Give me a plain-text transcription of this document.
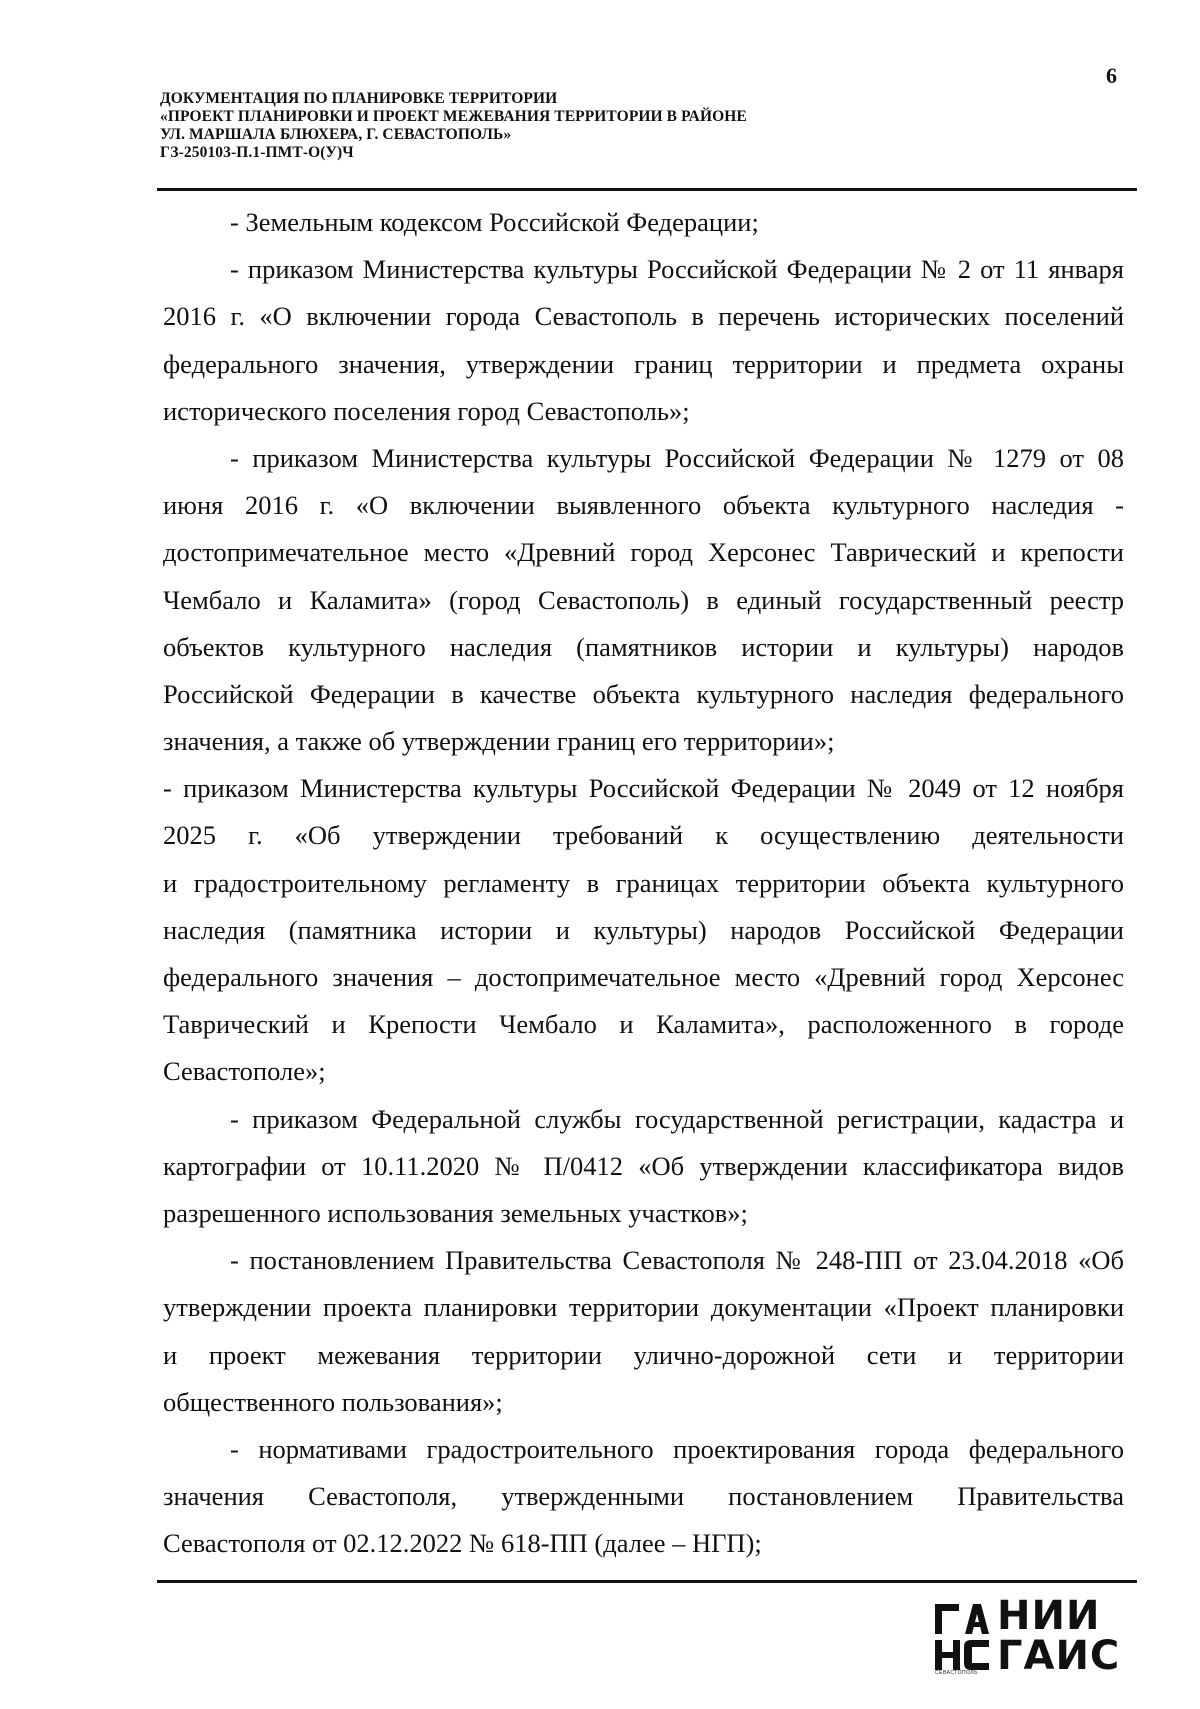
6
ДОКУМЕНТАЦИЯ ПО ПЛАНИРОВКЕ ТЕРРИТОРИИ
«ПРОЕКТ ПЛАНИРОВКИ И ПРОЕКТ МЕЖЕВАНИЯ ТЕРРИТОРИИ В РАЙОНЕ
УЛ. МАРШАЛА БЛЮХЕРА, Г. СЕВАСТОПОЛЬ»
ГЗ-250103-П.1-ПМТ-О(У)Ч
- Земельным кодексом Российской Федерации;
- приказом Министерства культуры Российской Федерации № 2 от 11 января
2016 г. «О включении города Севастополь в перечень исторических поселений
федерального значения, утверждении границ территории и предмета охраны
исторического поселения город Севастополь»;
- приказом Министерства культуры Российской Федерации № 1279 от 08
июня 2016 г. «О включении выявленного объекта культурного наследия -
достопримечательное место «Древний город Херсонес Таврический и крепости
Чембало и Каламита» (город Севастополь) в единый государственный реестр
объектов культурного наследия (памятников истории и культуры) народов
Российской Федерации в качестве объекта культурного наследия федерального
значения, а также об утверждении границ его территории»;
- приказом Министерства культуры Российской Федерации № 2049 от 12 ноября
2025 г. «Об утверждении требований к осуществлению деятельности
и градостроительному регламенту в границах территории объекта культурного
наследия (памятника истории и культуры) народов Российской Федерации
федерального значения – достопримечательное место «Древний город Херсонес
Таврический и Крепости Чембало и Каламита», расположенного в городе
Севастополе»;
- приказом Федеральной службы государственной регистрации, кадастра и
картографии от 10.11.2020 № П/0412 «Об утверждении классификатора видов
разрешенного использования земельных участков»;
- постановлением Правительства Севастополя № 248-ПП от 23.04.2018 «Об
утверждении проекта планировки территории документации «Проект планировки
и проект межевания территории улично-дорожной сети и территории
общественного пользования»;
- нормативами градостроительного проектирования города федерального
значения Севастополя, утвержденными постановлением Правительства
Севастополя от 02.12.2022 № 618-ПП (далее – НГП);
СЕВАСТОПОЛЬ
НИИ
ГАИС
